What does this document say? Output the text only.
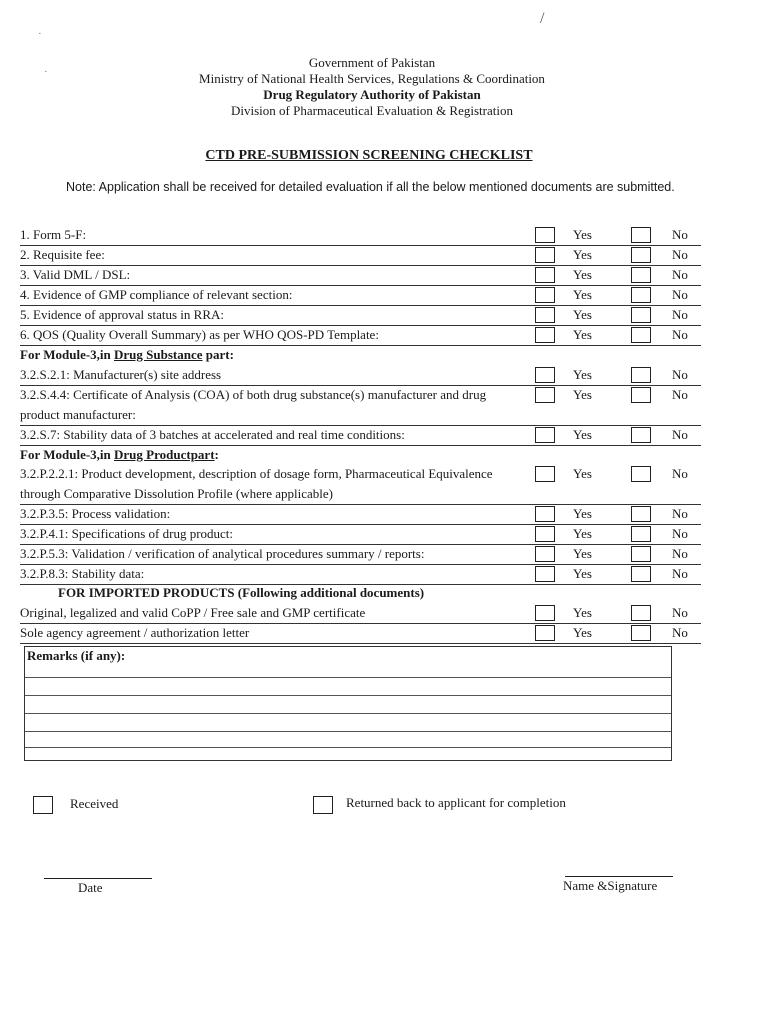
Government of Pakistan
Ministry of National Health Services, Regulations & Coordination
Drug Regulatory Authority of Pakistan
Division of Pharmaceutical Evaluation & Registration
CTD PRE-SUBMISSION SCREENING CHECKLIST
Note: Application shall be received for detailed evaluation if all the below mentioned documents are submitted.
1. Form 5-F:	Yes	No
2. Requisite fee:	Yes	No
3. Valid DML / DSL:	Yes	No
4. Evidence of GMP compliance of relevant section:	Yes	No
5. Evidence of approval status in RRA:	Yes	No
6. QOS (Quality Overall Summary) as per WHO QOS-PD Template:	Yes	No
For Module-3,in Drug Substance part:
3.2.S.2.1: Manufacturer(s) site address	Yes	No
3.2.S.4.4: Certificate of Analysis (COA) of both drug substance(s) manufacturer and drug product manufacturer:
Yes	No
3.2.S.7: Stability data of 3 batches at accelerated and real time conditions:	Yes	No
For Module-3,in Drug Productpart:
3.2.P.2.2.1: Product development, description of dosage form, Pharmaceutical Equivalence through Comparative Dissolution Profile (where applicable)
Yes	No
3.2.P.3.5: Process validation:	Yes	No
3.2.P.4.1: Specifications of drug product:	Yes	No
3.2.P.5.3: Validation / verification of analytical procedures summary / reports:	Yes	No
3.2.P.8.3: Stability data:	Yes	No
FOR IMPORTED PRODUCTS (Following additional documents)
Original, legalized and valid CoPP / Free sale and GMP certificate	Yes	No
Sole agency agreement / authorization letter	Yes	No
Remarks (if any):
Received	Returned back to applicant for completion
Date	Name &Signature
/
·
·
